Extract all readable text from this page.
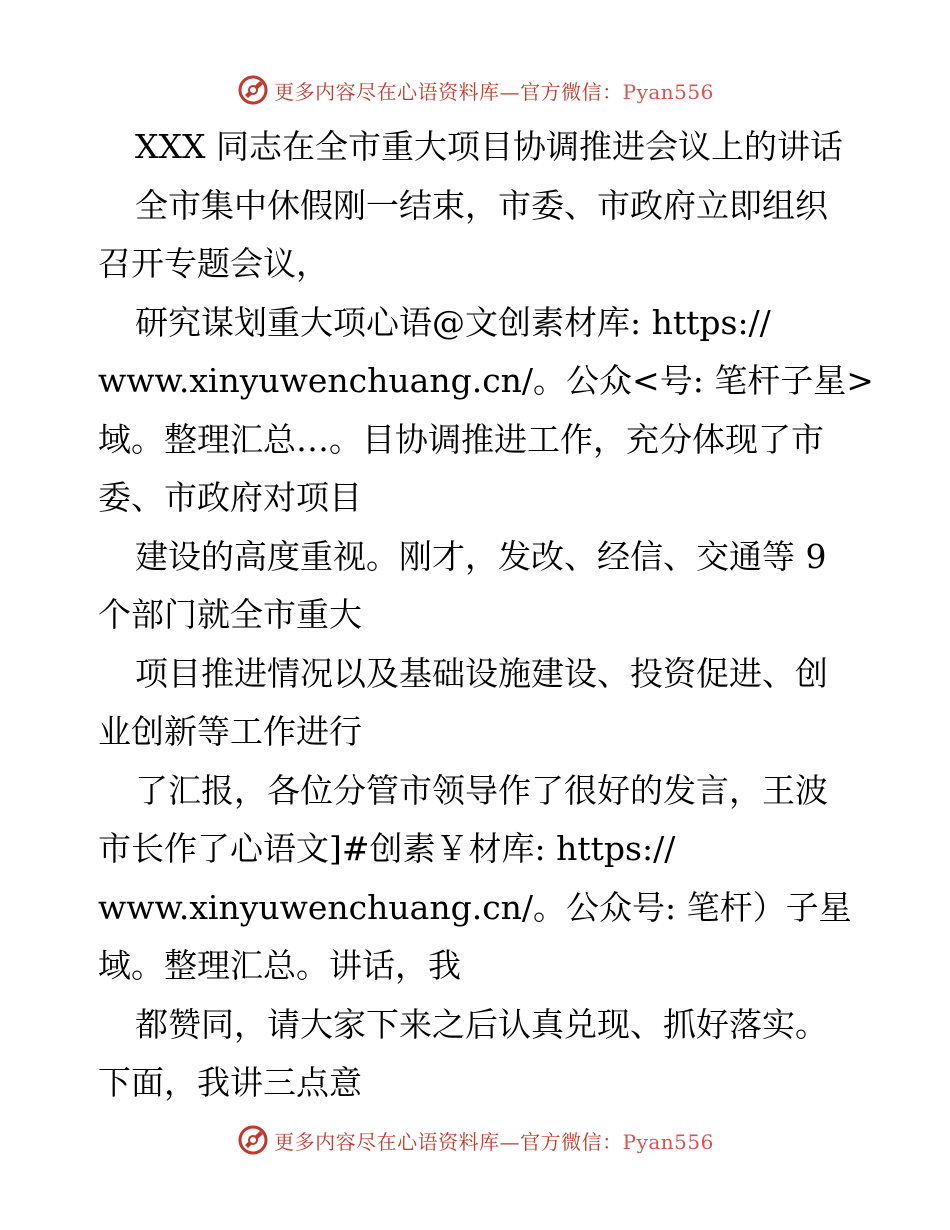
更多内容尽在心语资料库—官方微信：Pyan556
XXX 同志在全市重大项目协调推进会议上的讲话
全市集中休假刚一结束，市委、市政府立即组织
召开专题会议，
研究谋划重大项心语@文创素材库: https://
www.xinyuwenchuang.cn/。公众<号: 笔杆子星>
域。整理汇总…。目协调推进工作，充分体现了市
委、市政府对项目
建设的高度重视。刚才，发改、经信、交通等 9
个部门就全市重大
项目推进情况以及基础设施建设、投资促进、创
业创新等工作进行
了汇报，各位分管市领导作了很好的发言，王波
市长作了心语文]#创素￥材库: https://
www.xinyuwenchuang.cn/。公众号: 笔杆）子星
域。整理汇总。讲话，我
都赞同，请大家下来之后认真兑现、抓好落实。
下面，我讲三点意
更多内容尽在心语资料库—官方微信：Pyan556
